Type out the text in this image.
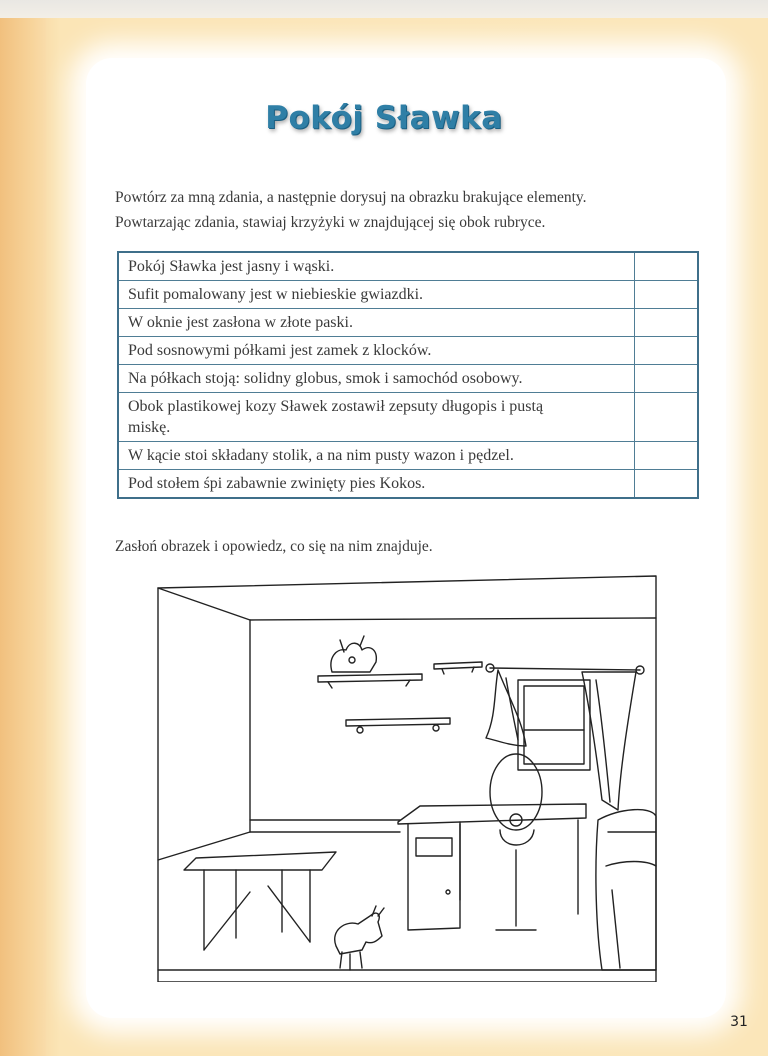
Pokój Sławka
Powtórz za mną zdania, a następnie dorysuj na obrazku brakujące elementy.
Powtarzając zdania, stawiaj krzyżyki w znajdującej się obok rubryce.
Pokój Sławka jest jasny i wąski.	
Sufit pomalowany jest w niebieskie gwiazdki.	
W oknie jest zasłona w złote paski.	
Pod sosnowymi półkami jest zamek z klocków.	
Na półkach stoją: solidny globus, smok i samochód osobowy.	
Obok plastikowej kozy Sławek zostawił zepsuty długopis i pustą miskę.	
W kącie stoi składany stolik, a na nim pusty wazon i pędzel.	
Pod stołem śpi zabawnie zwinięty pies Kokos.	
Zasłoń obrazek i opowiedz, co się na nim znajduje.
31
